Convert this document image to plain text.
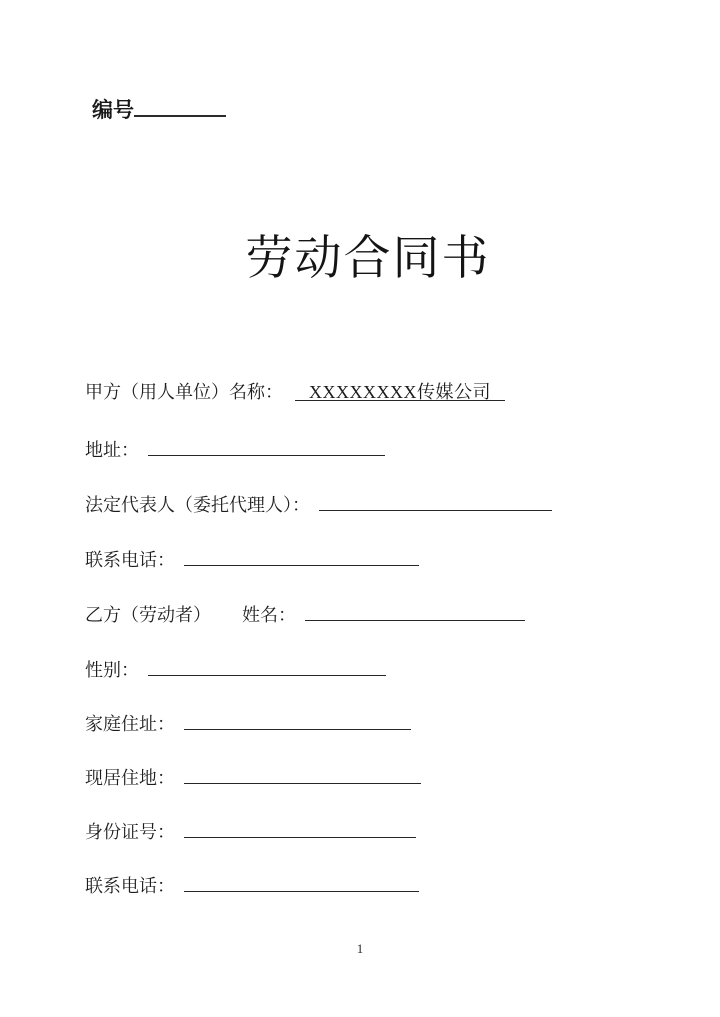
编号
劳动合同书
甲方（用人单位）名称： XXXXXXXX传媒公司
地址：
法定代表人（委托代理人）：
联系电话：
乙方（劳动者） 姓名：
性别：
家庭住址：
现居住地：
身份证号：
联系电话：
1
